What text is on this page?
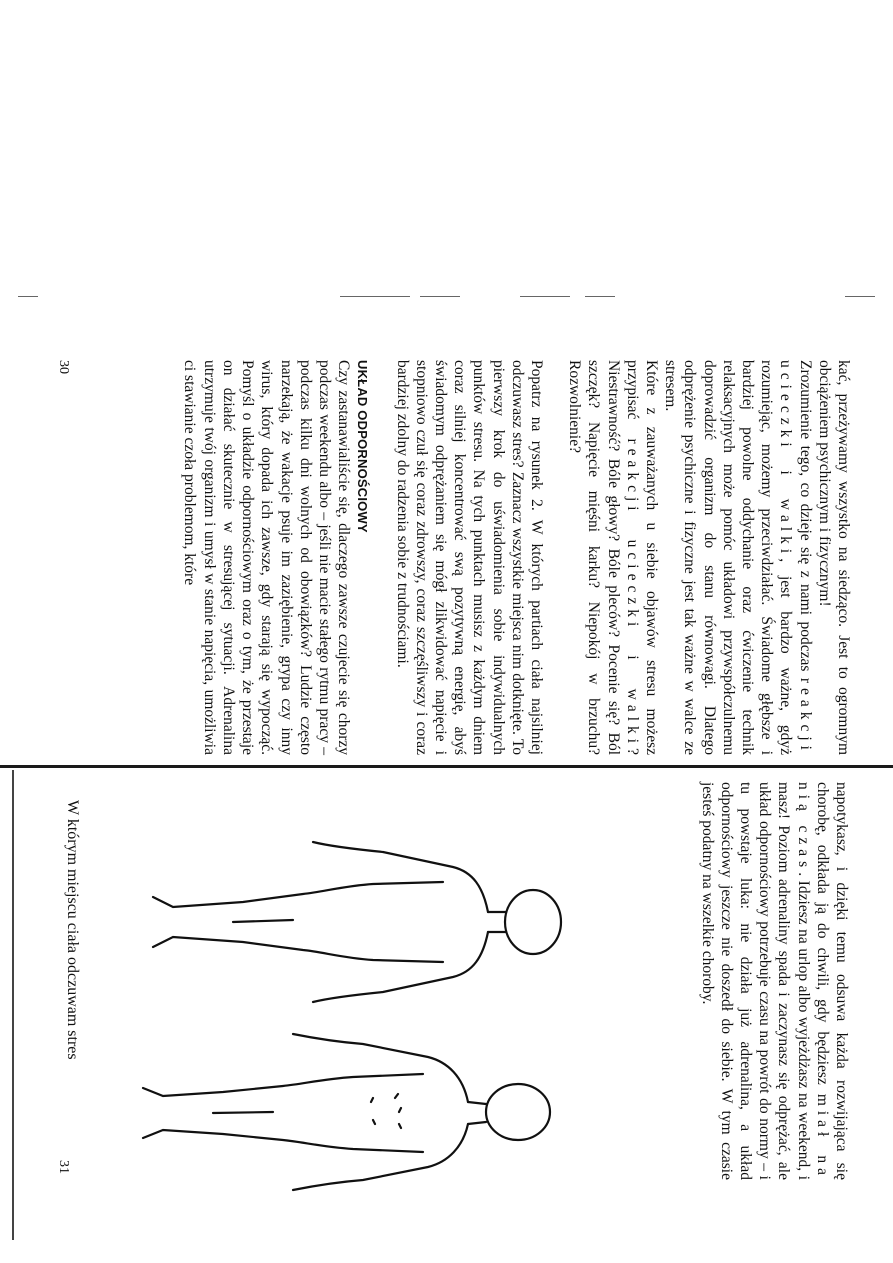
kać, przeżywamy wszystko na siedząco. Jest to ogromnym obciążeniem psychicznym i fizycznym!

Zrozumienie tego, co dzieje się z nami podczas reakcji ucieczki i walki, jest bardzo ważne, gdyż rozumiejąc, możemy przeciwdziałać. Świadome głębsze i bardziej powolne oddychanie oraz ćwiczenie technik relaksacyjnych może pomóc układowi przywspółczulnemu doprowadzić organizm do stanu równowagi. Dlatego odprężenie psychiczne i fizyczne jest tak ważne w walce ze stresem.

Które z zauważanych u siebie objawów stresu możesz przypisać reakcji ucieczki i walki? Niestrawność? Bóle głowy? Bóle pleców? Pocenie się? Ból szczęk? Napięcie mięśni karku? Niepokój w brzuchu? Rozwolnienie?

Popatrz na rysunek 2. W których partiach ciała najsilniej odczuwasz stres? Zaznacz wszystkie miejsca nim dotknięte. To pierwszy krok do uświadomienia sobie indywidualnych punktów stresu. Na tych punktach musisz z każdym dniem coraz silniej koncentrować swą pozytywną energię, abyś świadomym odprężaniem się mógł zlikwidować napięcie i stopniowo czuł się coraz zdrowszy, coraz szczęśliwszy i coraz bardziej zdolny do radzenia sobie z trudnościami.

UKŁAD ODPORNOŚCIOWY

Czy zastanawialiście się, dlaczego zawsze czujecie się chorzy podczas weekendu albo – jeśli nie macie stałego rytmu pracy – podczas kilku dni wolnych od obowiązków? Ludzie często narzekają, że wakacje psuje im zaziębienie, grypa czy inny wirus, który dopada ich zawsze, gdy starają się wypocząć. Pomyśl o układzie odpornościowym oraz o tym, że przestaje on działać skutecznie w stresującej sytuacji. Adrenalina utrzymuje twój organizm i umysł w stanie napięcia, umożliwia ci stawianie czoła problemom, które

30

napotykasz, i dzięki temu odsuwa każda rozwijająca się chorobę, odkłada ją do chwili, gdy będziesz miał na nią czas. Idziesz na urlop albo wyjeżdżasz na weekend, i masz! Poziom adrenaliny spada i zaczynasz się odprężać, ale układ odpornościowy potrzebuje czasu na powrót do normy – i tu powstaje luka: nie działa już adrenalina, a układ odpornościowy jeszcze nie doszedł do siebie. W tym czasie jesteś podatny na wszelkie choroby.

W którym miejscu ciała odczuwam stres
31
